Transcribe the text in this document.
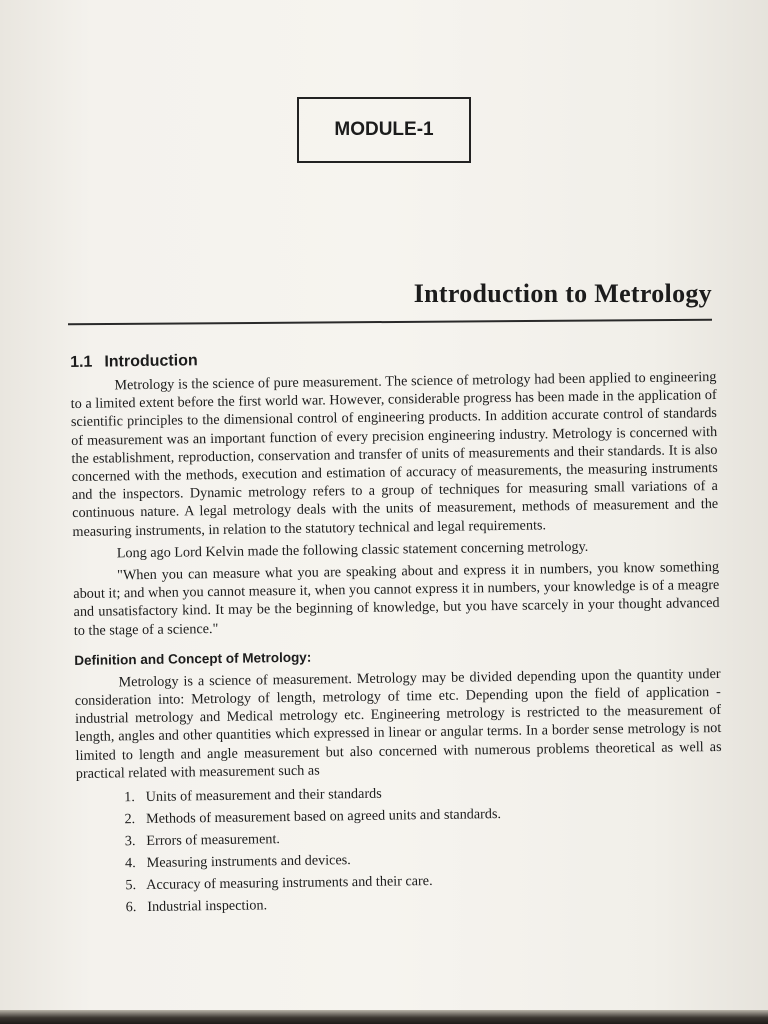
MODULE-1
Introduction to Metrology
1.1 Introduction

Metrology is the science of pure measurement. The science of metrology had been applied to engineering to a limited extent before the first world war. However, considerable progress has been made in the application of scientific principles to the dimensional control of engineering products. In addition accurate control of standards of measurement was an important function of every precision engineering industry. Metrology is concerned with the establishment, reproduction, conservation and transfer of units of measurements and their standards. It is also concerned with the methods, execution and estimation of accuracy of measurements, the measuring instruments and the inspectors. Dynamic metrology refers to a group of techniques for measuring small variations of a continuous nature. A legal metrology deals with the units of measurement, methods of measurement and the measuring instruments, in relation to the statutory technical and legal requirements.

Long ago Lord Kelvin made the following classic statement concerning metrology.

"When you can measure what you are speaking about and express it in numbers, you know something about it; and when you cannot measure it, when you cannot express it in numbers, your knowledge is of a meagre and unsatisfactory kind. It may be the beginning of knowledge, but you have scarcely in your thought advanced to the stage of a science."

Definition and Concept of Metrology:

Metrology is a science of measurement. Metrology may be divided depending upon the quantity under consideration into: Metrology of length, metrology of time etc. Depending upon the field of application - industrial metrology and Medical metrology etc. Engineering metrology is restricted to the measurement of length, angles and other quantities which expressed in linear or angular terms. In a border sense metrology is not limited to length and angle measurement but also concerned with numerous problems theoretical as well as practical related with measurement such as

1. Units of measurement and their standards
2. Methods of measurement based on agreed units and standards.
3. Errors of measurement.
4. Measuring instruments and devices.
5. Accuracy of measuring instruments and their care.
6. Industrial inspection.
